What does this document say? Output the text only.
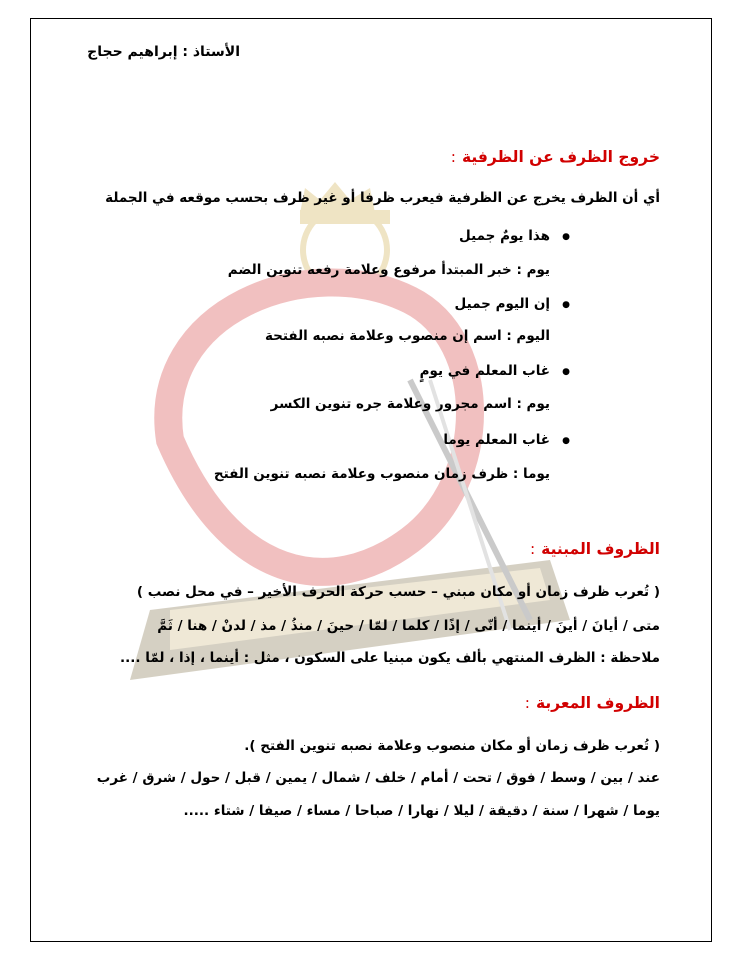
الأستاذ : إبراهيم حجاج
خروج الظرف عن الظرفية:
أي أن الظرف يخرج عن الظرفية فيعرب ظرفا أو غير ظرف بحسب موقعه في الجملة
● هذا يومٌ جميل
يوم : خبر المبتدأ مرفوع وعلامة رفعه تنوين الضم
● إن اليوم جميل
اليوم : اسم إن منصوب وعلامة نصبه الفتحة
● غاب المعلم في يومٍ
يوم : اسم مجرور وعلامة جره تنوين الكسر
● غاب المعلم يوما
يوما : ظرف زمان منصوب وعلامة نصبه تنوين الفتح
الظروف المبنية:
( تُعرب ظرف زمان أو مكان مبني – حسب حركة الحرف الأخير – في محل نصب )
متى / أيانَ / أينَ / أينما / أنّى / إذًا / كلما / لمّا / حينَ / منذُ / مذ / لدنْ / هنا / ثَمَّ
ملاحظة : الظرف المنتهي بألف يكون مبنيا على السكون ، مثل : أينما ، إذا ، لمّا ....
الظروف المعربة:
( تُعرب ظرف زمان أو مكان منصوب وعلامة نصبه تنوين الفتح ).
عند / بين / وسط / فوق / تحت / أمام / خلف / شمال / يمين / قبل / حول / شرق / غرب
يوما / شهرا / سنة / دقيقة / ليلا / نهارا / صباحا / مساء / صيفا / شتاء .....
